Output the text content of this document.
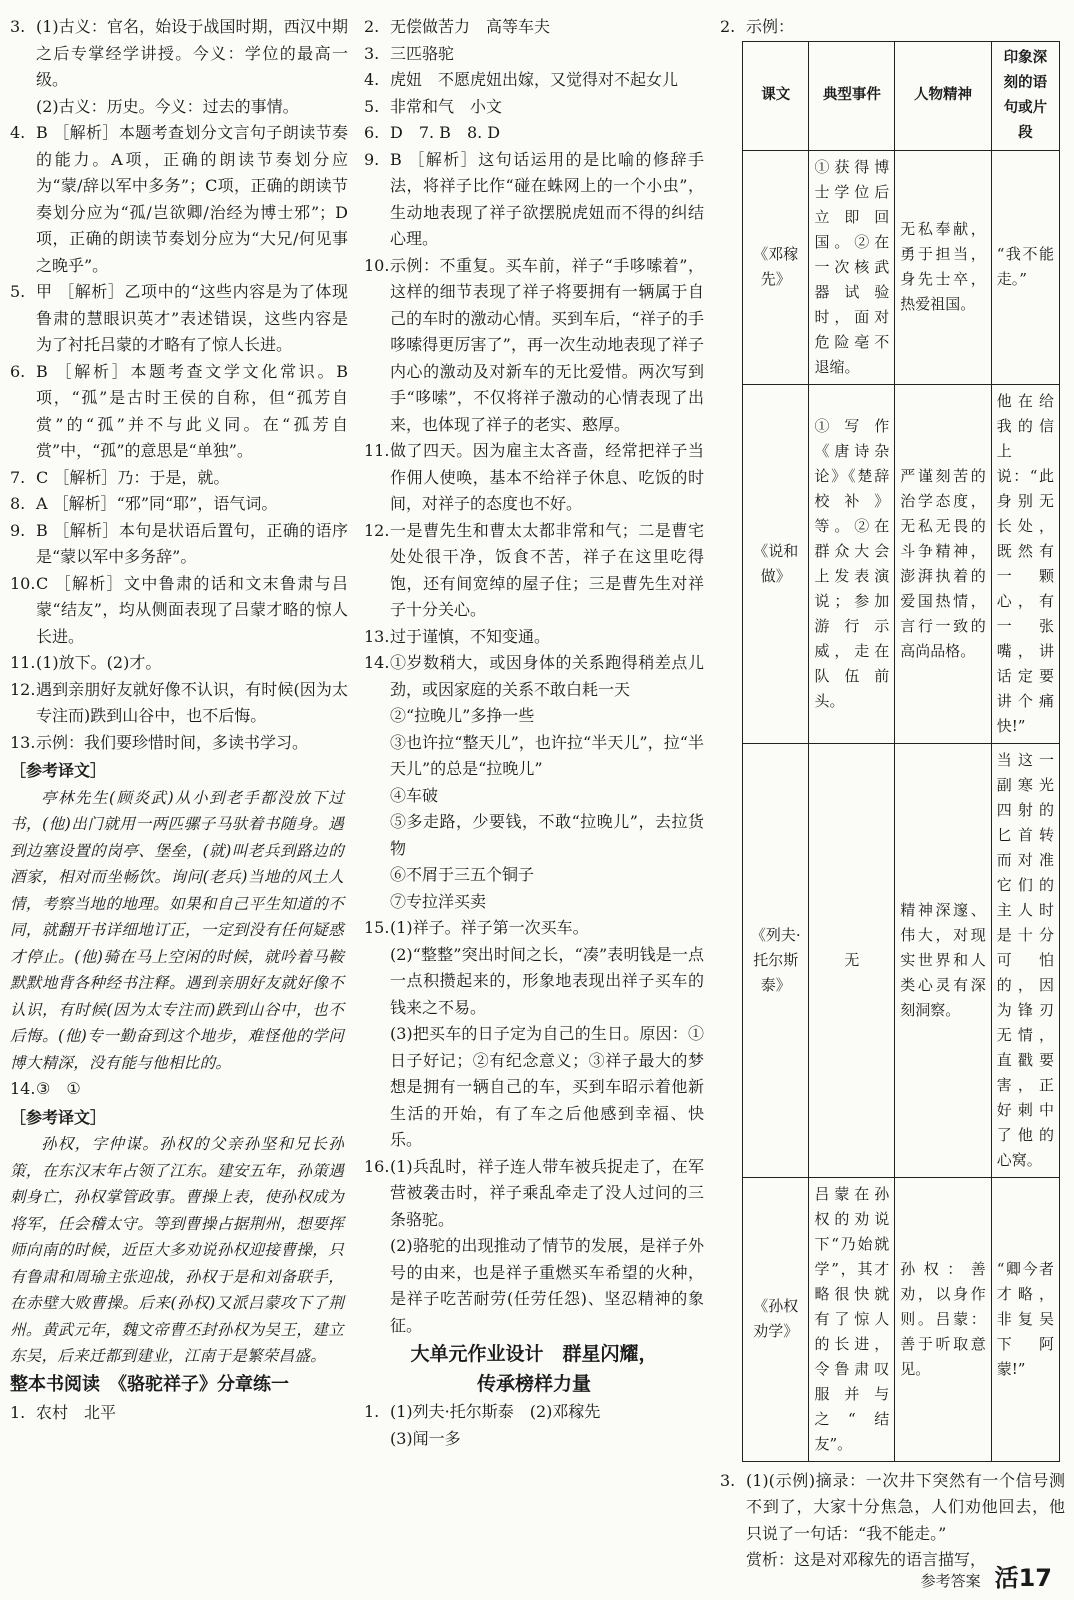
3. (1)古义：官名，始设于战国时期，西汉中期之后专掌经学讲授。今义：学位的最高一级。
(2)古义：历史。今义：过去的事情。
4. B ［解析］本题考查划分文言句子朗读节奏的能力。A项，正确的朗读节奏划分应为“蒙/辞以军中多务”；C项，正确的朗读节奏划分应为“孤/岂欲卿/治经为博士邪”；D项，正确的朗读节奏划分应为“大兄/何见事之晚乎”。
5. 甲 ［解析］乙项中的“这些内容是为了体现鲁肃的慧眼识英才”表述错误，这些内容是为了衬托吕蒙的才略有了惊人长进。
6. B ［解析］本题考查文学文化常识。B项，“孤”是古时王侯的自称，但“孤芳自赏”的“孤”并不与此义同。在“孤芳自赏”中，“孤”的意思是“单独”。
7. C ［解析］乃：于是，就。
8. A ［解析］“邪”同“耶”，语气词。
9. B ［解析］本句是状语后置句，正确的语序是“蒙以军中多务辞”。
10. C ［解析］文中鲁肃的话和文末鲁肃与吕蒙“结友”，均从侧面表现了吕蒙才略的惊人长进。
11. (1)放下。(2)才。
12. 遇到亲朋好友就好像不认识，有时候(因为太专注而)跌到山谷中，也不后悔。
13. 示例：我们要珍惜时间，多读书学习。
［参考译文］
亭林先生(顾炎武)从小到老手都没放下过书，(他)出门就用一两匹骡子马驮着书随身。遇到边塞设置的岗亭、堡垒，(就)叫老兵到路边的酒家，相对而坐畅饮。询问(老兵)当地的风土人情，考察当地的地理。如果和自己平生知道的不同，就翻开书详细地订正，一定到没有任何疑惑才停止。(他)骑在马上空闲的时候，就吟着马鞍默默地背各种经书注释。遇到亲朋好友就好像不认识，有时候(因为太专注而)跌到山谷中，也不后悔。(他)专一勤奋到这个地步，难怪他的学问博大精深，没有能与他相比的。
14. ③　①
［参考译文］
孙权，字仲谋。孙权的父亲孙坚和兄长孙策，在东汉末年占领了江东。建安五年，孙策遇刺身亡，孙权掌管政事。曹操上表，使孙权成为将军，任会稽太守。等到曹操占据荆州，想要挥师向南的时候，近臣大多劝说孙权迎接曹操，只有鲁肃和周瑜主张迎战，孙权于是和刘备联手，在赤壁大败曹操。后来(孙权)又派吕蒙攻下了荆州。黄武元年，魏文帝曹丕封孙权为吴王，建立东吴，后来迁都到建业，江南于是繁荣昌盛。
整本书阅读　《骆驼祥子》分章练一
1. 农村　北平
2. 无偿做苦力　高等车夫
3. 三匹骆驼
4. 虎妞　不愿虎妞出嫁，又觉得对不起女儿
5. 非常和气　小文
6. D　7. B　8. D
9. B ［解析］这句话运用的是比喻的修辞手法，将祥子比作“碰在蛛网上的一个小虫”，生动地表现了祥子欲摆脱虎妞而不得的纠结心理。
10. 示例：不重复。买车前，祥子“手哆嗦着”，这样的细节表现了祥子将要拥有一辆属于自己的车时的激动心情。买到车后，“祥子的手哆嗦得更厉害了”，再一次生动地表现了祥子内心的激动及对新车的无比爱惜。两次写到手“哆嗦”，不仅将祥子激动的心情表现了出来，也体现了祥子的老实、憨厚。
11. 做了四天。因为雇主太吝啬，经常把祥子当作佣人使唤，基本不给祥子休息、吃饭的时间，对祥子的态度也不好。
12. 一是曹先生和曹太太都非常和气；二是曹宅处处很干净，饭食不苦，祥子在这里吃得饱，还有间宽绰的屋子住；三是曹先生对祥子十分关心。
13. 过于谨慎，不知变通。
14. ①岁数稍大，或因身体的关系跑得稍差点儿劲，或因家庭的关系不敢白耗一天
②“拉晚儿”多挣一些
③也许拉“整天儿”，也许拉“半天儿”，拉“半天儿”的总是“拉晚儿”
④车破
⑤多走路，少要钱，不敢“拉晚儿”，去拉货物
⑥不屑于三五个铜子
⑦专拉洋买卖
15. (1)祥子。祥子第一次买车。
(2)“整整”突出时间之长，“凑”表明钱是一点一点积攒起来的，形象地表现出祥子买车的钱来之不易。
(3)把买车的日子定为自己的生日。原因：①日子好记；②有纪念意义；③祥子最大的梦想是拥有一辆自己的车，买到车昭示着他新生活的开始，有了车之后他感到幸福、快乐。
16. (1)兵乱时，祥子连人带车被兵捉走了，在军营被袭击时，祥子乘乱牵走了没人过问的三条骆驼。
(2)骆驼的出现推动了情节的发展，是祥子外号的由来，也是祥子重燃买车希望的火种，是祥子吃苦耐劳(任劳任怨)、坚忍精神的象征。
大单元作业设计　群星闪耀，
传承榜样力量
1. (1)列夫·托尔斯泰　(2)邓稼先
(3)闻一多
2. 示例：
课文	典型事件	人物精神	印象深刻的语句或片段
《邓稼先》	①获得博士学位后立即回国。②在一次核武器试验时，面对危险亳不退缩。	无私奉献，勇于担当，身先士卒，热爱祖国。	“我不能走。”
《说和做》	①写作《唐诗杂论》《楚辞校补》等。②在群众大会上发表演说；参加游行示威，走在队伍前头。	严谨刻苦的治学态度，无私无畏的斗争精神，澎湃执着的爱国热情，言行一致的高尚品格。	他在给我的信上说：“此身别无长处，既然有一颗心，有一张嘴，讲话定要讲个痛快!”
《列夫·托尔斯泰》	无	精神深邃、伟大，对现实世界和人类心灵有深刻洞察。	当这一副寒光四射的匕首转而对准它们的主人时是十分可怕的，因为锋刃无情，直戳要害，正好刺中了他的心窝。
《孙权劝学》	吕蒙在孙权的劝说下“乃始就学”，其才略很快就有了惊人的长进，令鲁肃叹服并与之“结友”。	孙权：善劝，以身作则。吕蒙：善于听取意见。	“卿今者才略，非复吴下阿蒙!”
3. (1)(示例)摘录：一次井下突然有一个信号测不到了，大家十分焦急，人们劝他回去，他只说了一句话：“我不能走。”
赏析：这是对邓稼先的语言描写，
参考答案 活17
